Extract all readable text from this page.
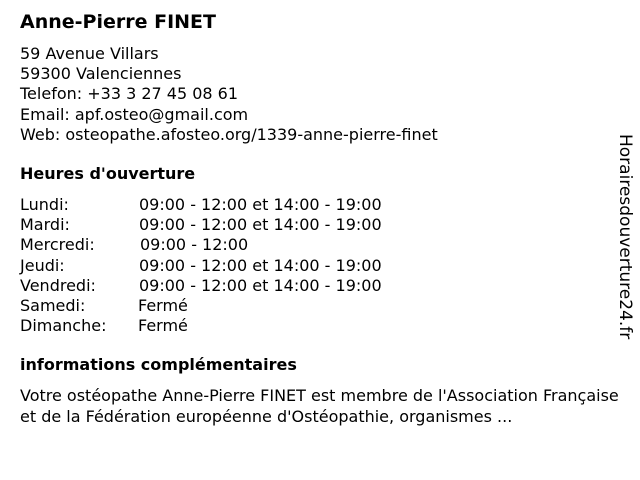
Anne-Pierre FINET
59 Avenue Villars
59300 Valenciennes
Telefon: +33 3 27 45 08 61
Email: apf.osteo@gmail.com
Web: osteopathe.afosteo.org/1339-anne-pierre-finet
Heures d'ouverture
Lundi:	09:00 - 12:00 et 14:00 - 19:00
Mardi:	09:00 - 12:00 et 14:00 - 19:00
Mercredi:	09:00 - 12:00
Jeudi:	09:00 - 12:00 et 14:00 - 19:00
Vendredi:	09:00 - 12:00 et 14:00 - 19:00
Samedi:	Fermé
Dimanche: Fermé
informations complémentaires
Votre ostéopathe Anne-Pierre FINET est membre de l'Association Française et de la Fédération européenne d'Ostéopathie, organismes ...
Horairesdouverture24.fr
